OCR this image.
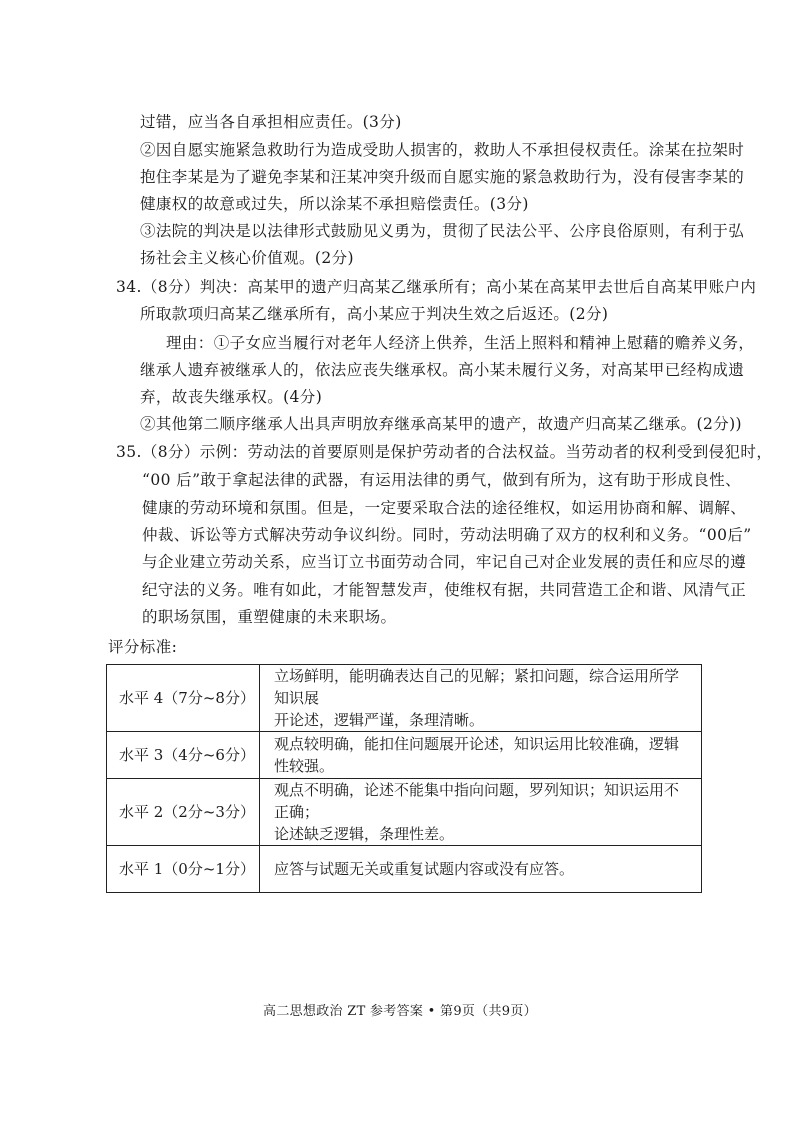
过错，应当各自承担相应责任。(3分)
②因自愿实施紧急救助行为造成受助人损害的，救助人不承担侵权责任。涂某在拉架时
抱住李某是为了避免李某和汪某冲突升级而自愿实施的紧急救助行为，没有侵害李某的
健康权的故意或过失，所以涂某不承担赔偿责任。(3分)
③法院的判决是以法律形式鼓励见义勇为，贯彻了民法公平、公序良俗原则，有利于弘
扬社会主义核心价值观。(2分)
34.（8分）判决：高某甲的遗产归高某乙继承所有；高小某在高某甲去世后自高某甲账户内
所取款项归高某乙继承所有，高小某应于判决生效之后返还。(2分)
理由：①子女应当履行对老年人经济上供养，生活上照料和精神上慰藉的赡养义务，
继承人遗弃被继承人的，依法应丧失继承权。高小某未履行义务，对高某甲已经构成遗
弃，故丧失继承权。(4分)
②其他第二顺序继承人出具声明放弃继承高某甲的遗产，故遗产归高某乙继承。(2分))
35.（8分）示例：劳动法的首要原则是保护劳动者的合法权益。当劳动者的权利受到侵犯时，
“00 后”敢于拿起法律的武器，有运用法律的勇气，做到有所为，这有助于形成良性、
健康的劳动环境和氛围。但是，一定要采取合法的途径维权，如运用协商和解、调解、
仲裁、诉讼等方式解决劳动争议纠纷。同时，劳动法明确了双方的权利和义务。“00后”
与企业建立劳动关系，应当订立书面劳动合同，牢记自己对企业发展的责任和应尽的遵
纪守法的义务。唯有如此，才能智慧发声，使维权有据，共同营造工企和谐、风清气正
的职场氛围，重塑健康的未来职场。
评分标准:
水平 4（7分~8分）	立场鲜明，能明确表达自己的见解；紧扣问题，综合运用所学知识展
开论述，逻辑严谨，条理清晰。

水平 3（4分~6分）	观点较明确，能扣住问题展开论述，知识运用比较准确，逻辑性较强。

水平 2（2分~3分）	观点不明确，论述不能集中指向问题，罗列知识；知识运用不正确；
论述缺乏逻辑，条理性差。

水平 1（0分~1分）	应答与试题无关或重复试题内容或没有应答。
高二思想政治 ZT 参考答案 • 第9页（共9页）
